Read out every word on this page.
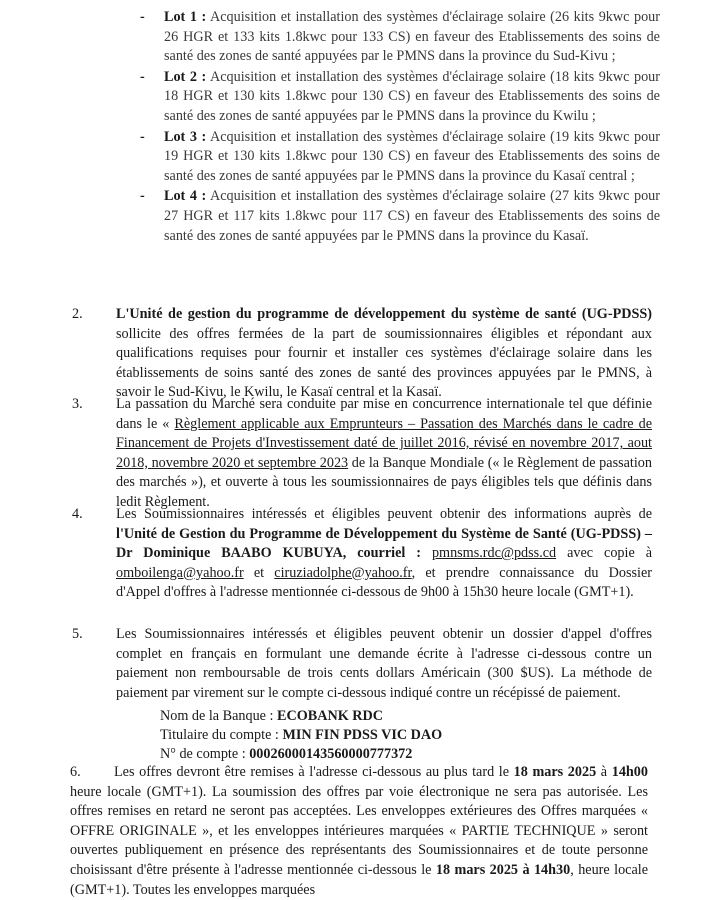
- Lot 1 : Acquisition et installation des systèmes d'éclairage solaire (26 kits 9kwc pour 26 HGR et 133 kits 1.8kwc pour 133 CS) en faveur des Etablissements des soins de santé des zones de santé appuyées par le PMNS dans la province du Sud-Kivu ;
- Lot 2 : Acquisition et installation des systèmes d'éclairage solaire (18 kits 9kwc pour 18 HGR et 130 kits 1.8kwc pour 130 CS) en faveur des Etablissements des soins de santé des zones de santé appuyées par le PMNS dans la province du Kwilu ;
- Lot 3 : Acquisition et installation des systèmes d'éclairage solaire (19 kits 9kwc pour 19 HGR et 130 kits 1.8kwc pour 130 CS) en faveur des Etablissements des soins de santé des zones de santé appuyées par le PMNS dans la province du Kasaï central ;
- Lot 4 : Acquisition et installation des systèmes d'éclairage solaire (27 kits 9kwc pour 27 HGR et 117 kits 1.8kwc pour 117 CS) en faveur des Etablissements des soins de santé des zones de santé appuyées par le PMNS dans la province du Kasaï.
2. L'Unité de gestion du programme de développement du système de santé (UG-PDSS) sollicite des offres fermées de la part de soumissionnaires éligibles et répondant aux qualifications requises pour fournir et installer ces systèmes d'éclairage solaire dans les établissements de soins santé des zones de santé des provinces appuyées par le PMNS, à savoir le Sud-Kivu, le Kwilu, le Kasaï central et la Kasaï.
3. La passation du Marché sera conduite par mise en concurrence internationale tel que définie dans le « Règlement applicable aux Emprunteurs – Passation des Marchés dans le cadre de Financement de Projets d'Investissement daté de juillet 2016, révisé en novembre 2017, aout 2018, novembre 2020 et septembre 2023 de la Banque Mondiale (« le Règlement de passation des marchés »), et ouverte à tous les soumissionnaires de pays éligibles tels que définis dans ledit Règlement.
4. Les Soumissionnaires intéressés et éligibles peuvent obtenir des informations auprès de l'Unité de Gestion du Programme de Développement du Système de Santé (UG-PDSS) – Dr Dominique BAABO KUBUYA, courriel : pmnsms.rdc@pdss.cd avec copie à omboilenga@yahoo.fr et ciruziadolphe@yahoo.fr, et prendre connaissance du Dossier d'Appel d'offres à l'adresse mentionnée ci-dessous de 9h00 à 15h30 heure locale (GMT+1).
5. Les Soumissionnaires intéressés et éligibles peuvent obtenir un dossier d'appel d'offres complet en français en formulant une demande écrite à l'adresse ci-dessous contre un paiement non remboursable de trois cents dollars Américain (300 $US). La méthode de paiement par virement sur le compte ci-dessous indiqué contre un récépissé de paiement.
Nom de la Banque : ECOBANK RDC
Titulaire du compte : MIN FIN PDSS VIC DAO
N° de compte : 00026000143560000777372
6. Les offres devront être remises à l'adresse ci-dessous au plus tard le 18 mars 2025 à 14h00 heure locale (GMT+1). La soumission des offres par voie électronique ne sera pas autorisée. Les offres remises en retard ne seront pas acceptées. Les enveloppes extérieures des Offres marquées « OFFRE ORIGINALE », et les enveloppes intérieures marquées « PARTIE TECHNIQUE » seront ouvertes publiquement en présence des représentants des Soumissionnaires et de toute personne choisissant d'être présente à l'adresse mentionnée ci-dessous le 18 mars 2025 à 14h30, heure locale (GMT+1). Toutes les enveloppes marquées
